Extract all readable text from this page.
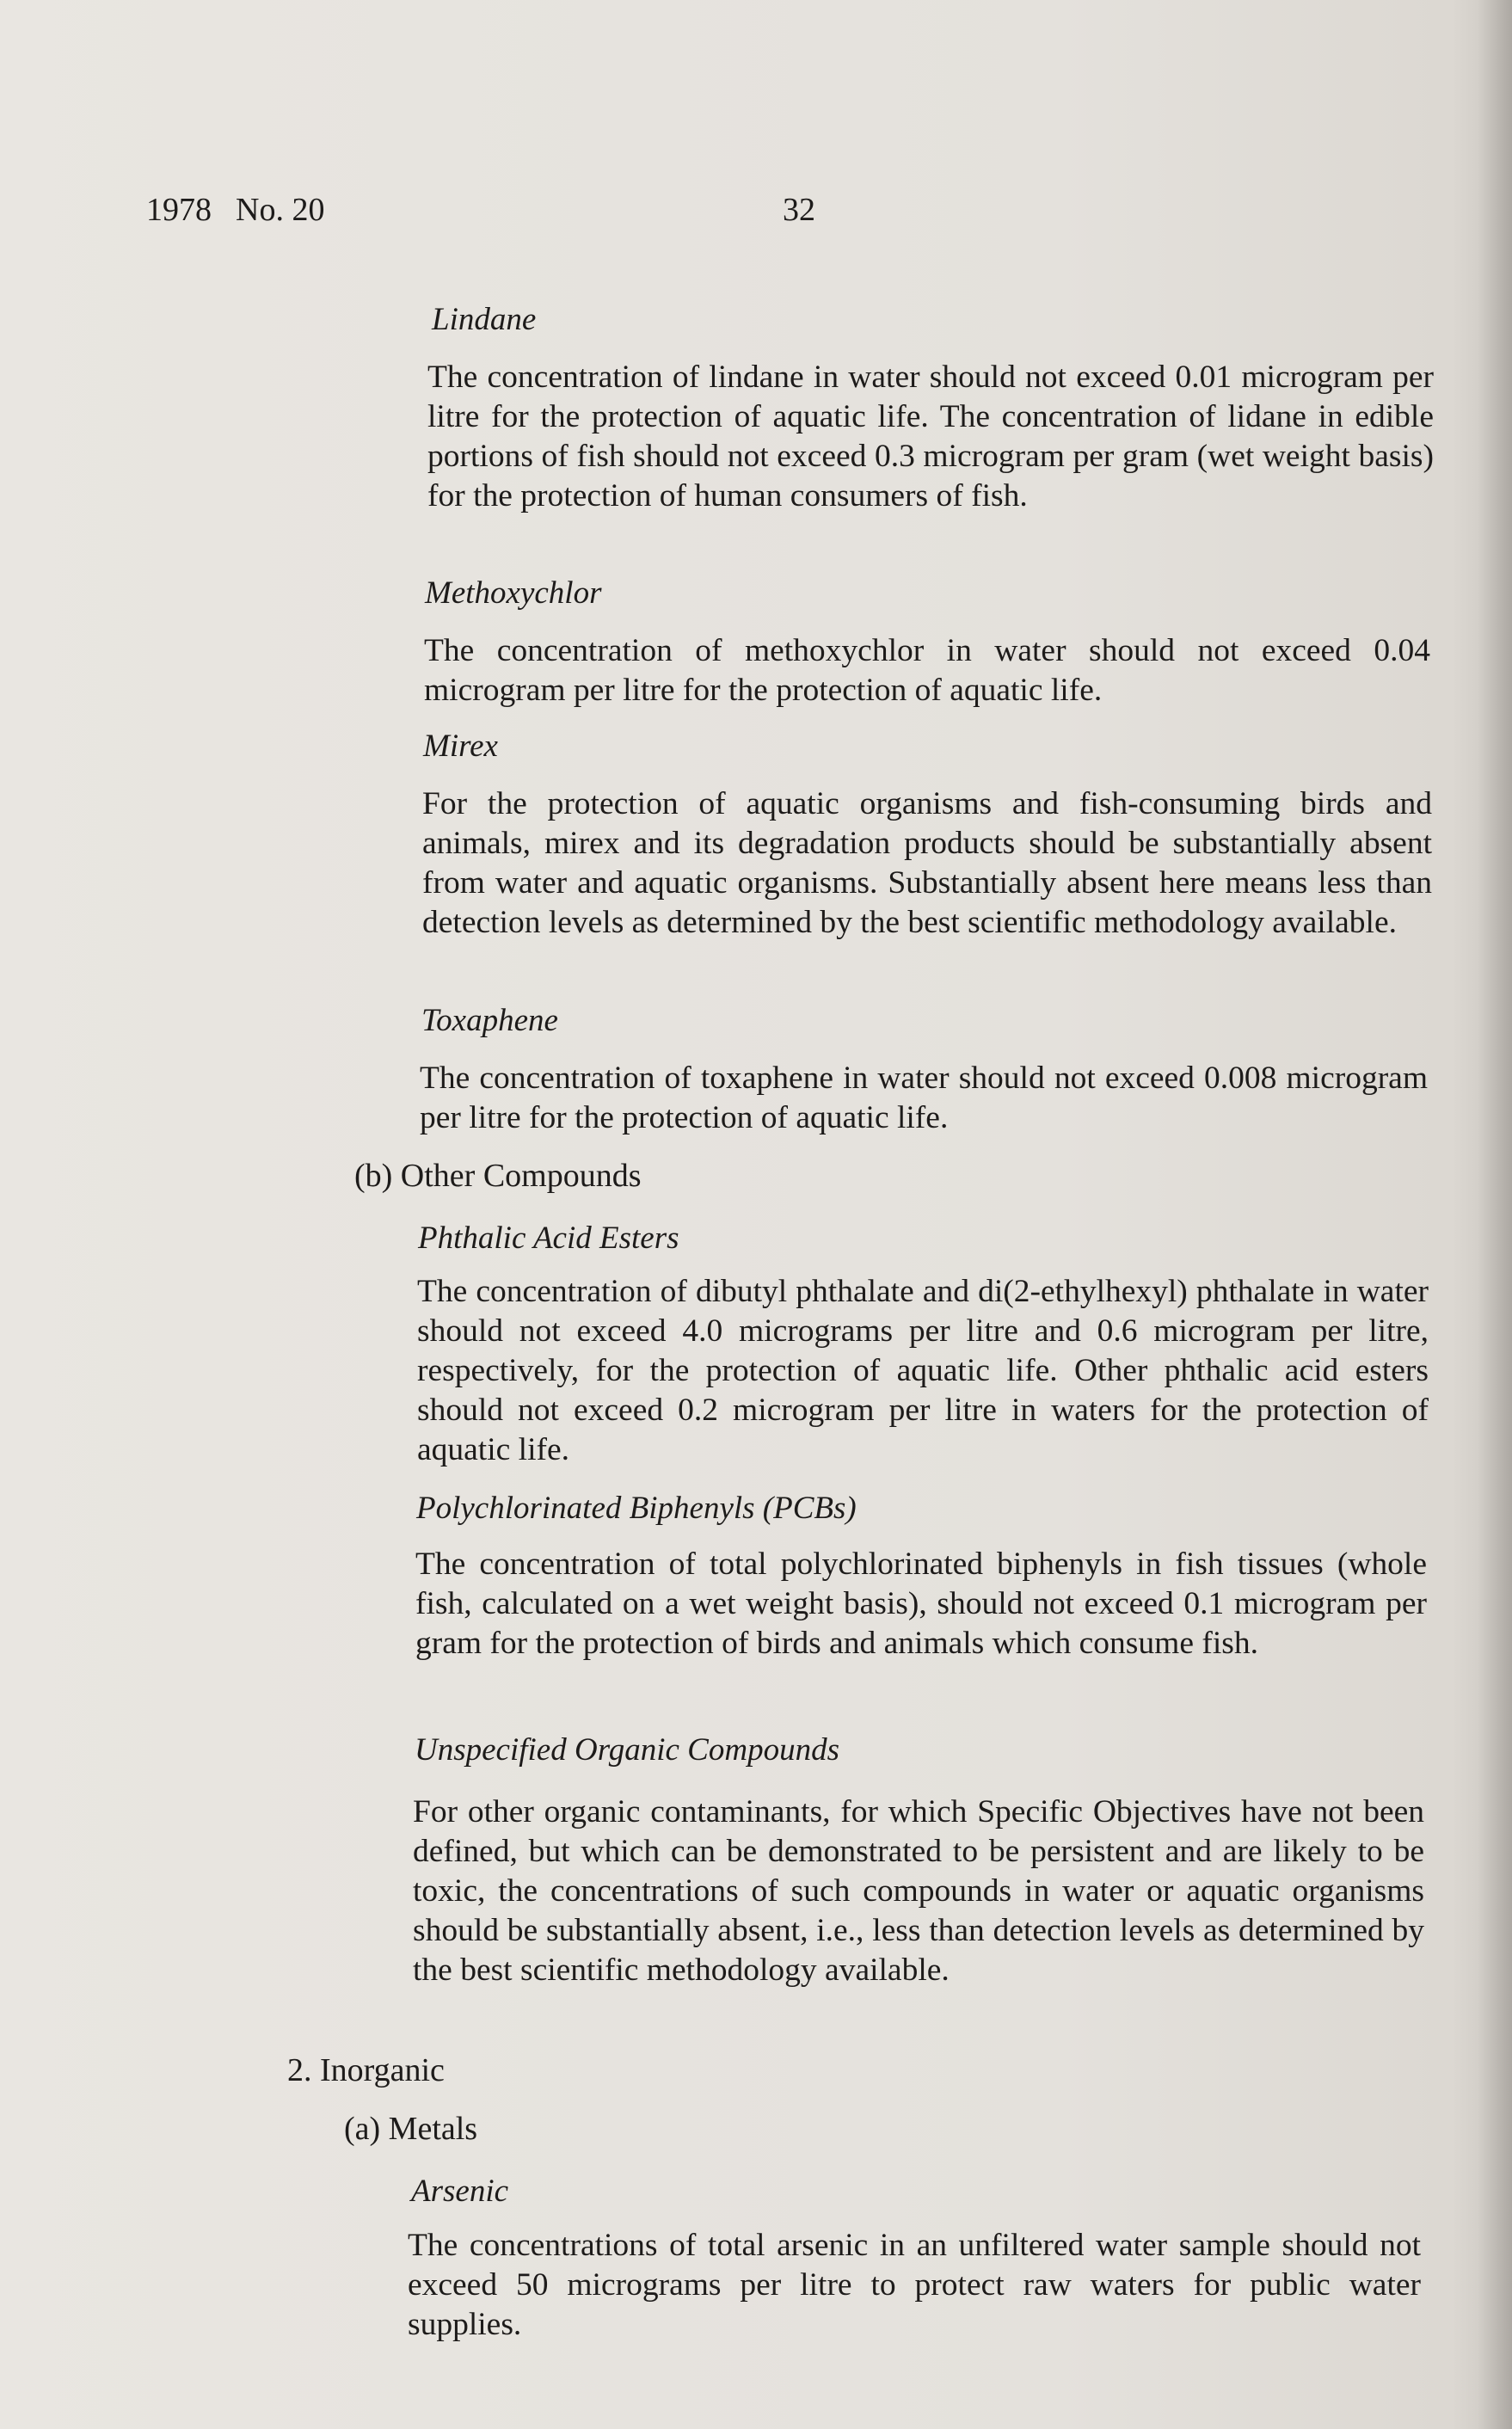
1978 No. 20	32
Lindane
The concentration of lindane in water should not exceed 0.01 microgram per litre for the protection of aquatic life. The concentration of lidane in edible portions of fish should not exceed 0.3 microgram per gram (wet weight basis) for the protection of human consumers of fish.
Methoxychlor
The concentration of methoxychlor in water should not exceed 0.04 microgram per litre for the protection of aquatic life.
Mirex
For the protection of aquatic organisms and fish-consuming birds and animals, mirex and its degradation products should be substantially absent from water and aquatic organisms. Substantially absent here means less than detection levels as determined by the best scientific methodology available.
Toxaphene
The concentration of toxaphene in water should not exceed 0.008 microgram per litre for the protection of aquatic life.
(b) Other Compounds
Phthalic Acid Esters
The concentration of dibutyl phthalate and di(2-ethylhexyl) phthalate in water should not exceed 4.0 micrograms per litre and 0.6 microgram per litre, respectively, for the protection of aquatic life. Other phthalic acid esters should not exceed 0.2 microgram per litre in waters for the protection of aquatic life.
Polychlorinated Biphenyls (PCBs)
The concentration of total polychlorinated biphenyls in fish tissues (whole fish, calculated on a wet weight basis), should not exceed 0.1 microgram per gram for the protection of birds and animals which consume fish.
Unspecified Organic Compounds
For other organic contaminants, for which Specific Objectives have not been defined, but which can be demonstrated to be persistent and are likely to be toxic, the concentrations of such compounds in water or aquatic organisms should be substantially absent, i.e., less than detection levels as determined by the best scientific methodology available.
2. Inorganic
(a) Metals
Arsenic
The concentrations of total arsenic in an unfiltered water sample should not exceed 50 micrograms per litre to protect raw waters for public water supplies.
